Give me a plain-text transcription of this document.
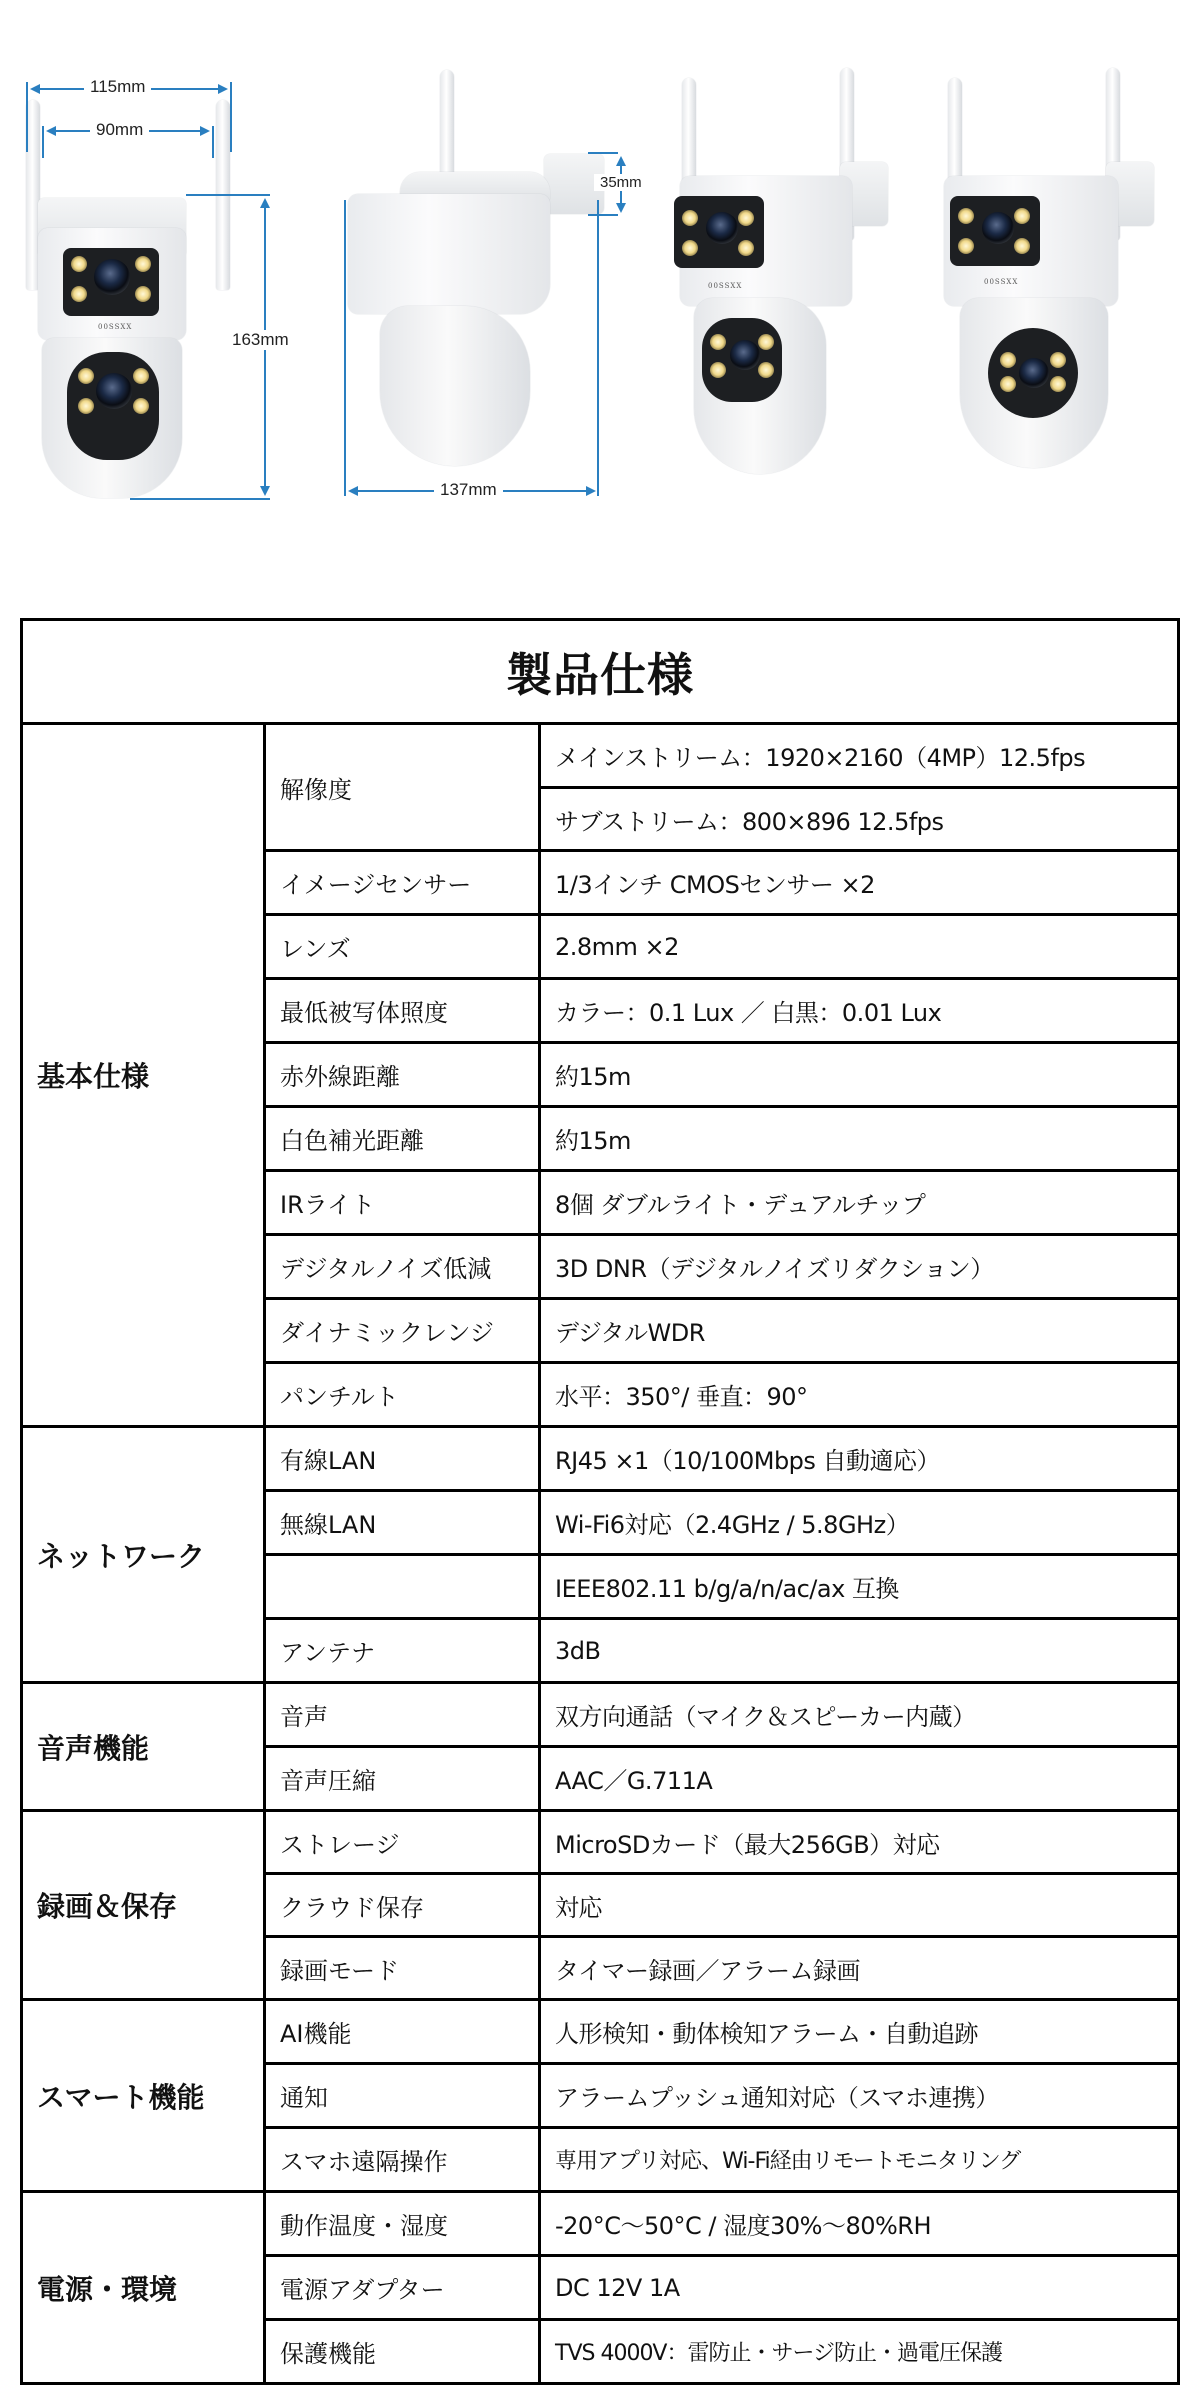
00SSXX
115mm
90mm
163mm
137mm
35mm
00SSXX	00SSXX
製品仕様		
基本仕様	解像度	メインストリーム：1920×2160（4MP）12.5fps
		サブストリーム：800×896 12.5fps
	イメージセンサー	1/3インチ CMOSセンサー ×2
	レンズ	2.8mm ×2
	最低被写体照度	カラー：0.1 Lux ／ 白黒：0.01 Lux
	赤外線距離	約15m
	白色補光距離	約15m
	IRライト	8個 ダブルライト・デュアルチップ
	デジタルノイズ低減	3D DNR（デジタルノイズリダクション）
	ダイナミックレンジ	デジタルWDR
	パンチルト	水平：350°/ 垂直：90°
ネットワーク	有線LAN	RJ45 ×1（10/100Mbps 自動適応）
	無線LAN	Wi-Fi6対応（2.4GHz / 5.8GHz）
		IEEE802.11 b/g/a/n/ac/ax 互換
	アンテナ	3dB
音声機能	音声	双方向通話（マイク＆スピーカー内蔵）
	音声圧縮	AAC／G.711A
録画＆保存	ストレージ	MicroSDカード（最大256GB）対応
	クラウド保存	対応
	録画モード	タイマー録画／アラーム録画
スマート機能	AI機能	人形検知・動体検知アラーム・自動追跡
	通知	アラームプッシュ通知対応（スマホ連携）
	スマホ遠隔操作	専用アプリ対応、Wi-Fi経由リモートモニタリング
電源・環境	動作温度・湿度	-20°C～50°C / 湿度30%～80%RH
	電源アダプター	DC 12V 1A
	保護機能	TVS 4000V：雷防止・サージ防止・過電圧保護
